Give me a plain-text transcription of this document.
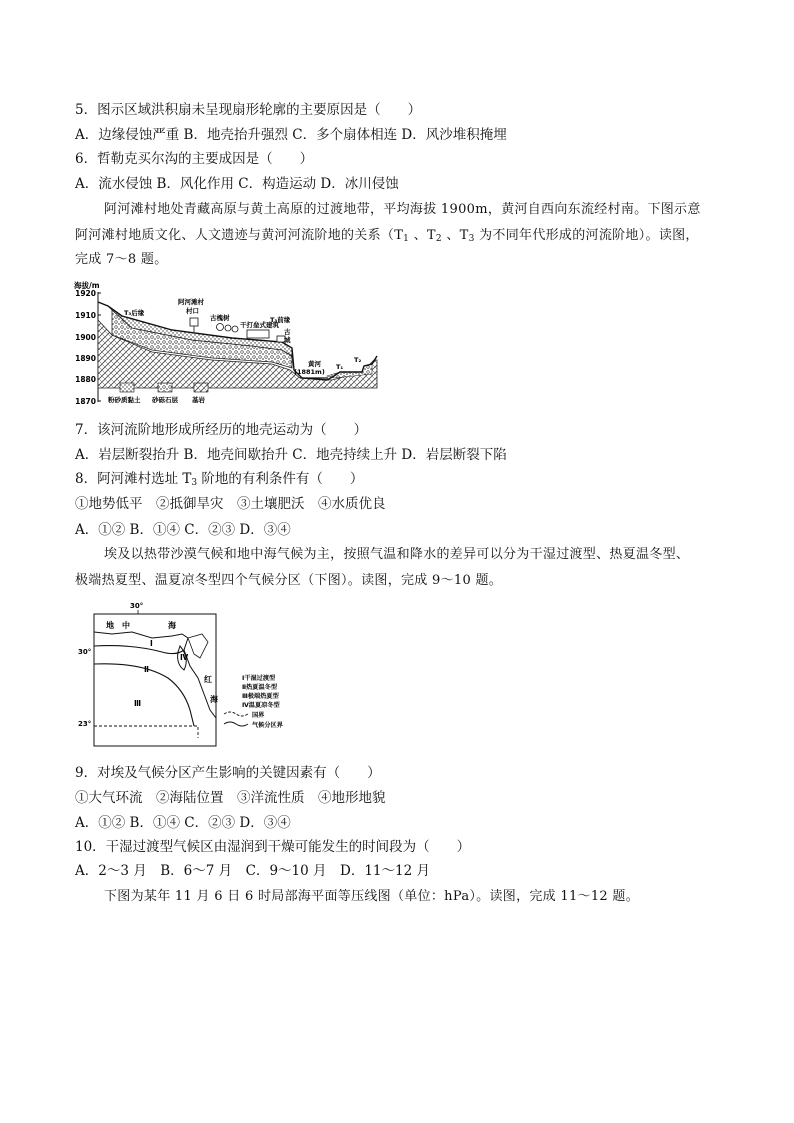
5．图示区域洪积扇未呈现扇形轮廓的主要原因是（　　）
A．边缘侵蚀严重 B．地壳抬升强烈 C．多个扇体相连 D．风沙堆积掩埋
6．哲勒克买尔沟的主要成因是（　　）
A．流水侵蚀 B．风化作用 C．构造运动 D．冰川侵蚀
阿河滩村地处青藏高原与黄土高原的过渡地带，平均海拔 1900m，黄河自西向东流经村南。下图示意
阿河滩村地质文化、人文遗迹与黄河河流阶地的关系（$T_1$ 、$T_2$ 、$T_3$ 为不同年代形成的河流阶地）。读图，
完成 7～8 题。
海拔/m
1920
1910
1900
1890
1880
1870
T₃后缘
阿河滩村
村口
古槐树	T₃前缘
干打垒式建筑
古
城
黄河
(1881m)
T₁
T₂
粉砂质黏土 砂砾石层 基岩
7．该河流阶地形成所经历的地壳运动为（　　）
A．岩层断裂抬升 B．地壳间歇抬升 C．地壳持续上升 D．岩层断裂下陷
8．阿河滩村选址 $T_3$ 阶地的有利条件有（　　）
①地势低平　②抵御旱灾　③土壤肥沃　④水质优良
A．①② B．①④ C．②③ D．③④
埃及以热带沙漠气候和地中海气候为主，按照气温和降水的差异可以分为干湿过渡型、热夏温冬型、
极端热夏型、温夏凉冬型四个气候分区（下图）。读图，完成 9～10 题。
30°
30°
23°
地 中	海
红
海
Ⅰ
Ⅱ
Ⅲ
Ⅳ
Ⅰ干湿过渡型
Ⅱ热夏温冬型
Ⅲ极端热夏型
Ⅳ温夏凉冬型
国界
气候分区界
9．对埃及气候分区产生影响的关键因素有（　　）
①大气环流　②海陆位置　③洋流性质　④地形地貌
A．①② B．①④ C．②③ D．③④
10．干湿过渡型气候区由湿润到干燥可能发生的时间段为（　　）
A．2～3 月　B．6～7 月　C．9～10 月　D．11～12 月
下图为某年 11 月 6 日 6 时局部海平面等压线图（单位：hPa）。读图，完成 11～12 题。
